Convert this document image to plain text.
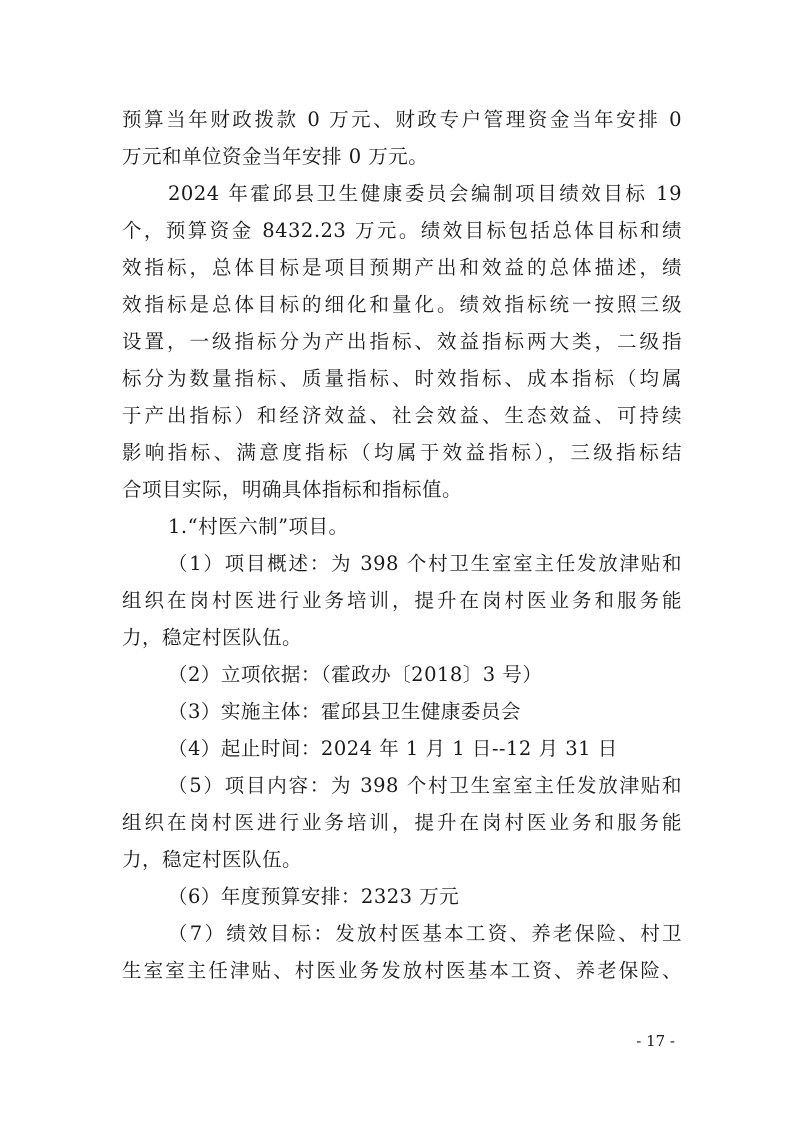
预算当年财政拨款 0 万元、财政专户管理资金当年安排 0
万元和单位资金当年安排 0 万元。
2024 年霍邱县卫生健康委员会编制项目绩效目标 19
个，预算资金 8432.23 万元。绩效目标包括总体目标和绩
效指标，总体目标是项目预期产出和效益的总体描述，绩
效指标是总体目标的细化和量化。绩效指标统一按照三级
设置，一级指标分为产出指标、效益指标两大类，二级指
标分为数量指标、质量指标、时效指标、成本指标（均属
于产出指标）和经济效益、社会效益、生态效益、可持续
影响指标、满意度指标（均属于效益指标），三级指标结
合项目实际，明确具体指标和指标值。
1.“村医六制”项目。
（1）项目概述：为 398 个村卫生室室主任发放津贴和
组织在岗村医进行业务培训，提升在岗村医业务和服务能
力，稳定村医队伍。
（2）立项依据：（霍政办〔2018〕3 号）
（3）实施主体：霍邱县卫生健康委员会
（4）起止时间：2024 年 1 月 1 日--12 月 31 日
（5）项目内容：为 398 个村卫生室室主任发放津贴和
组织在岗村医进行业务培训，提升在岗村医业务和服务能
力，稳定村医队伍。
（6）年度预算安排：2323 万元
（7）绩效目标：发放村医基本工资、养老保险、村卫
生室室主任津贴、村医业务发放村医基本工资、养老保险、
- 17 -
